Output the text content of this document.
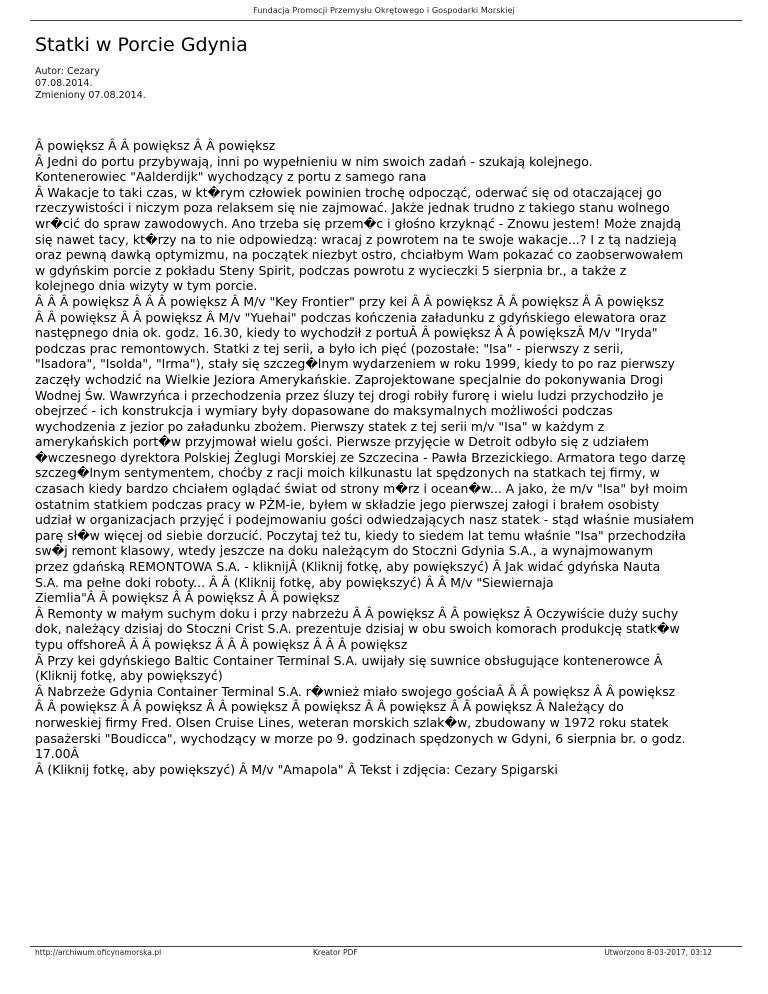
Fundacja Promocji Przemysłu Okrętowego i Gospodarki Morskiej
Statki w Porcie Gdynia
Autor: Cezary
07.08.2014.
Zmieniony 07.08.2014.
Â powiększ Â Â powiększ Â Â powiększ
Â Jedni do portu przybywają, inni po wypełnieniu w nim swoich zadań - szukają kolejnego.
Kontenerowiec "Aalderdijk" wychodzący z portu z samego rana
Â Wakacje to taki czas, w kt�rym człowiek powinien trochę odpocząć, oderwać się od otaczającej go
rzeczywistości i niczym poza relaksem się nie zajmować. Jakże jednak trudno z takiego stanu wolnego
wr�cić do spraw zawodowych. Ano trzeba się przem�c i głośno krzyknąć - Znowu jestem! Może znajdą
się nawet tacy, kt�rzy na to nie odpowiedzą: wracaj z powrotem na te swoje wakacje...? I z tą nadzieją
oraz pewną dawką optymizmu, na początek niezbyt ostro, chciałbym Wam pokazać co zaobserwowałem
w gdyńskim porcie z pokładu Steny Spirit, podczas powrotu z wycieczki 5 sierpnia br., a także z
kolejnego dnia wizyty w tym porcie.
Â Â Â powiększ Â Â Â powiększ Â M/v "Key Frontier" przy kei Â Â powiększ Â Â powiększ Â Â powiększ
Â Â powiększ Â Â powiększ Â M/v "Yuehai" podczas kończenia załadunku z gdyńskiego elewatora oraz
następnego dnia ok. godz. 16.30, kiedy to wychodził z portuÂ Â powiększ Â Â powiększÂ M/v "Iryda"
podczas prac remontowych. Statki z tej serii, a było ich pięć (pozostałe: "Isa" - pierwszy z serii,
"Isadora", "Isolda", "Irma"), stały się szczeg�lnym wydarzeniem w roku 1999, kiedy to po raz pierwszy
zaczęły wchodzić na Wielkie Jeziora Amerykańskie. Zaprojektowane specjalnie do pokonywania Drogi
Wodnej Św. Wawrzyńca i przechodzenia przez śluzy tej drogi robiły furorę i wielu ludzi przychodziło je
obejrzeć - ich konstrukcja i wymiary były dopasowane do maksymalnych możliwości podczas
wychodzenia z jezior po załadunku zbożem. Pierwszy statek z tej serii m/v "Isa" w każdym z
amerykańskich port�w przyjmował wielu gości. Pierwsze przyjęcie w Detroit odbyło się z udziałem
�wczesnego dyrektora Polskiej Żeglugi Morskiej ze Szczecina - Pawła Brzezickiego. Armatora tego darzę
szczeg�lnym sentymentem, choćby z racji moich kilkunastu lat spędzonych na statkach tej firmy, w
czasach kiedy bardzo chciałem oglądać świat od strony m�rz i ocean�w... A jako, że m/v "Isa" był moim
ostatnim statkiem podczas pracy w PŻM-ie, byłem w składzie jego pierwszej załogi i brałem osobisty
udział w organizacjach przyjęć i podejmowaniu gości odwiedzających nasz statek - stąd właśnie musiałem
parę sł�w więcej od siebie dorzucić. Poczytaj też tu, kiedy to siedem lat temu właśnie "Isa" przechodziła
sw�j remont klasowy, wtedy jeszcze na doku należącym do Stoczni Gdynia S.A., a wynajmowanym
przez gdańską REMONTOWA S.A. - kliknijÂ (Kliknij fotkę, aby powiększyć) Â Jak widać gdyńska Nauta
S.A. ma pełne doki roboty... Â Â (Kliknij fotkę, aby powiększyć) Â Â M/v "Siewiernaja
Ziemlia"Â Â powiększ Â Â powiększ Â Â powiększ
Â Remonty w małym suchym doku i przy nabrzeżu Â Â powiększ Â Â powiększ Â Oczywiście duży suchy
dok, należący dzisiaj do Stoczni Crist S.A. prezentuje dzisiaj w obu swoich komorach produkcję statk�w
typu offshoreÂ Â Â powiększ Â Â Â powiększ Â Â Â powiększ
Â Przy kei gdyńskiego Baltic Container Terminal S.A. uwijały się suwnice obsługujące kontenerowce Â
(Kliknij fotkę, aby powiększyć)
Â Nabrzeże Gdynia Container Terminal S.A. r�wnież miało swojego gościaÂ Â Â powiększ Â Â powiększ
Â Â powiększ Â Â powiększ Â Â powiększ Â powiększ Â Â powiększ Â Â powiększ Â Należący do
norweskiej firmy Fred. Olsen Cruise Lines, weteran morskich szlak�w, zbudowany w 1972 roku statek
pasażerski "Boudicca", wychodzący w morze po 9. godzinach spędzonych w Gdyni, 6 sierpnia br. o godz.
17.00Â
Â (Kliknij fotkę, aby powiększyć) Â M/v "Amapola" Â Tekst i zdjęcia: Cezary Spigarski
http://archiwum.oficynamorska.pl	Kreator PDF	Utworzono 8-03-2017, 03:12
